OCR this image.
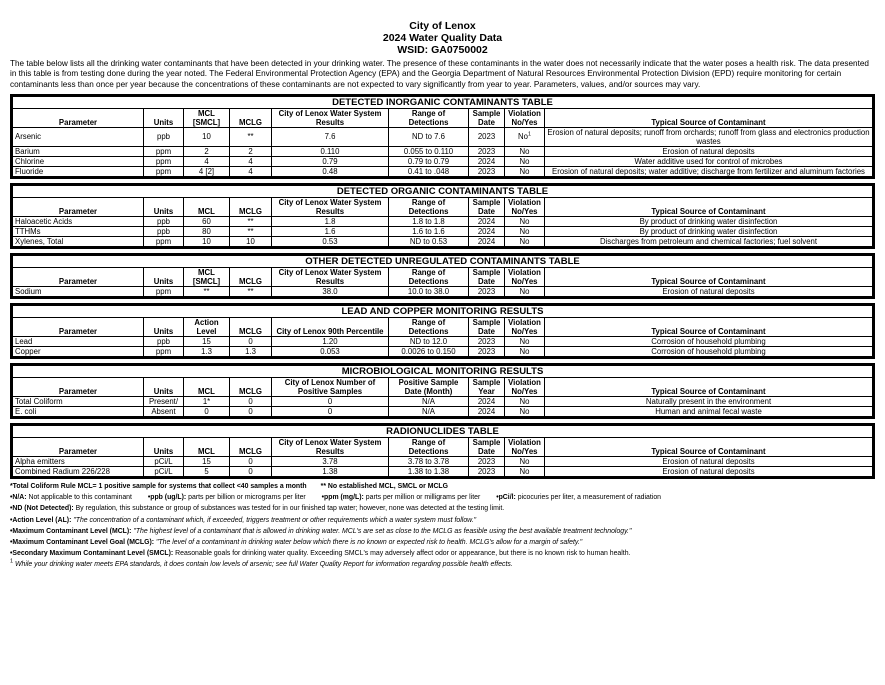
City of Lenox
2024 Water Quality Data
WSID: GA0750002
The table below lists all the drinking water contaminants that have been detected in your drinking water. The presence of these contaminants in the water does not necessarily indicate that the water poses a health risk. The data presented in this table is from testing done during the year noted. The Federal Environmental Protection Agency (EPA) and the Georgia Department of Natural Resources Environmental Protection Division (EPD) require monitoring for certain contaminants less than once per year because the concentrations of these contaminants are not expected to vary significantly from year to year. Parameters, values, and/or sources may vary.
DETECTED INORGANIC CONTAMINANTS TABLE								
Parameter	Units	MCL [SMCL]	MCLG	City of Lenox Water System Results	Range of Detections	Sample Date	Violation No/Yes	Typical Source of Contaminant
Arsenic	ppb	10	**	7.6	ND to 7.6	2023	No$^1$	Erosion of natural deposits; runoff from orchards; runoff from glass and electronics production wastes
Barium	ppm	2	2	0.110	0.055 to 0.110	2023	No	Erosion of natural deposits
Chlorine	ppm	4	4	0.79	0.79 to 0.79	2024	No	Water additive used for control of microbes
Fluoride	ppm	4 [2]	4	0.48	0.41 to .048	2023	No	Erosion of natural deposits; water additive; discharge from fertilizer and aluminum factories
DETECTED ORGANIC CONTAMINANTS TABLE								
Parameter	Units	MCL	MCLG	City of Lenox Water System Results	Range of Detections	Sample Date	Violation No/Yes	Typical Source of Contaminant
Haloacetic Acids	ppb	60	**	1.8	1.8 to 1.8	2024	No	By product of drinking water disinfection
TTHMs	ppb	80	**	1.6	1.6 to 1.6	2024	No	By product of drinking water disinfection
Xylenes, Total	ppm	10	10	0.53	ND to 0.53	2024	No	Discharges from petroleum and chemical factories; fuel solvent
OTHER DETECTED UNREGULATED CONTAMINANTS TABLE								
Parameter	Units	MCL [SMCL]	MCLG	City of Lenox Water System Results	Range of Detections	Sample Date	Violation No/Yes	Typical Source of Contaminant
Sodium	ppm	**	**	38.0	10.0 to 38.0	2023	No	Erosion of natural deposits
LEAD AND COPPER MONITORING RESULTS								
Parameter	Units	Action Level	MCLG	City of Lenox 90th Percentile	Range of Detections	Sample Date	Violation No/Yes	Typical Source of Contaminant
Lead	ppb	15	0	1.20	ND to 12.0	2023	No	Corrosion of household plumbing
Copper	ppm	1.3	1.3	0.053	0.0026 to 0.150	2023	No	Corrosion of household plumbing
MICROBIOLOGICAL MONITORING RESULTS								
Parameter	Units	MCL	MCLG	City of Lenox Number of Positive Samples	Positive Sample Date (Month)	Sample Year	Violation No/Yes	Typical Source of Contaminant
Total Coliform	Present/	1*	0	0	N/A	2024	No	Naturally present in the environment
E. coli	Absent	0	0	0	N/A	2024	No	Human and animal fecal waste
RADIONUCLIDES TABLE								
Parameter	Units	MCL	MCLG	City of Lenox Water System Results	Range of Detections	Sample Date	Violation No/Yes	Typical Source of Contaminant
Alpha emitters	pCi/L	15	0	3.78	3.78 to 3.78	2023	No	Erosion of natural deposits
Combined Radium 226/228	pCi/L	5	0	1.38	1.38 to 1.38	2023	No	Erosion of natural deposits
*Total Coliform Rule MCL= 1 positive sample for systems that collect <40 samples a month ** No established MCL, SMCL or MCLG
•N/A: Not applicable to this contaminant •ppb (ug/L): parts per billion or micrograms per liter •ppm (mg/L): parts per million or milligrams per liter •pCi/l: picocuries per liter, a measurement of radiation
•ND (Not Detected): By regulation, this substance or group of substances was tested for in our finished tap water; however, none was detected at the testing limit.
•Action Level (AL): "The concentration of a contaminant which, if exceeded, triggers treatment or other requirements which a water system must follow."
•Maximum Contaminant Level (MCL): "The highest level of a contaminant that is allowed in drinking water. MCL's are set as close to the MCLG as feasible using the best available treatment technology."
•Maximum Contaminant Level Goal (MCLG): "The level of a contaminant in drinking water below which there is no known or expected risk to health. MCLG's allow for a margin of safety."
•Secondary Maximum Contaminant Level (SMCL): Reasonable goals for drinking water quality. Exceeding SMCL's may adversely affect odor or appearance, but there is no known risk to human health.
$^1$ While your drinking water meets EPA standards, it does contain low levels of arsenic; see full Water Quality Report for information regarding possible health effects.
